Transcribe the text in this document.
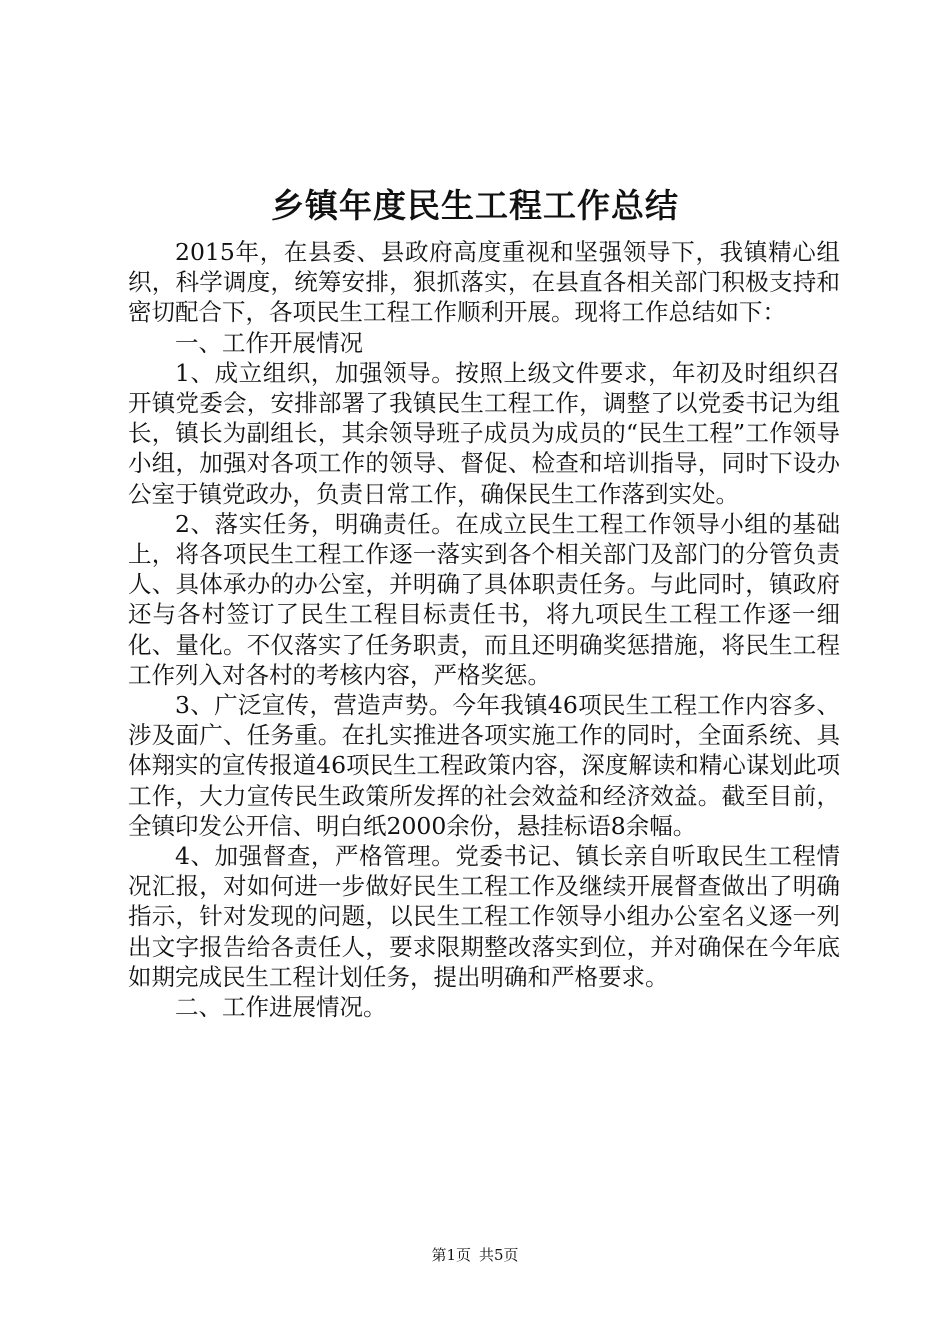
乡镇年度民生工程工作总结

2015年，在县委、县政府高度重视和坚强领导下，我镇精心组织，科学调度，统筹安排，狠抓落实，在县直各相关部门积极支持和密切配合下，各项民生工程工作顺利开展。现将工作总结如下：

一、工作开展情况

1、成立组织，加强领导。按照上级文件要求，年初及时组织召开镇党委会，安排部署了我镇民生工程工作，调整了以党委书记为组长，镇长为副组长，其余领导班子成员为成员的“民生工程”工作领导小组，加强对各项工作的领导、督促、检查和培训指导，同时下设办公室于镇党政办，负责日常工作，确保民生工作落到实处。

2、落实任务，明确责任。在成立民生工程工作领导小组的基础上，将各项民生工程工作逐一落实到各个相关部门及部门的分管负责人、具体承办的办公室，并明确了具体职责任务。与此同时，镇政府还与各村签订了民生工程目标责任书，将九项民生工程工作逐一细化、量化。不仅落实了任务职责，而且还明确奖惩措施，将民生工程工作列入对各村的考核内容，严格奖惩。

3、广泛宣传，营造声势。今年我镇46项民生工程工作内容多、涉及面广、任务重。在扎实推进各项实施工作的同时，全面系统、具体翔实的宣传报道46项民生工程政策内容，深度解读和精心谋划此项工作，大力宣传民生政策所发挥的社会效益和经济效益。截至目前，全镇印发公开信、明白纸2000余份，悬挂标语8余幅。

4、加强督查，严格管理。党委书记、镇长亲自听取民生工程情况汇报，对如何进一步做好民生工程工作及继续开展督查做出了明确指示，针对发现的问题，以民生工程工作领导小组办公室名义逐一列出文字报告给各责任人，要求限期整改落实到位，并对确保在今年底如期完成民生工程计划任务，提出明确和严格要求。

二、工作进展情况。

第1页 共5页
